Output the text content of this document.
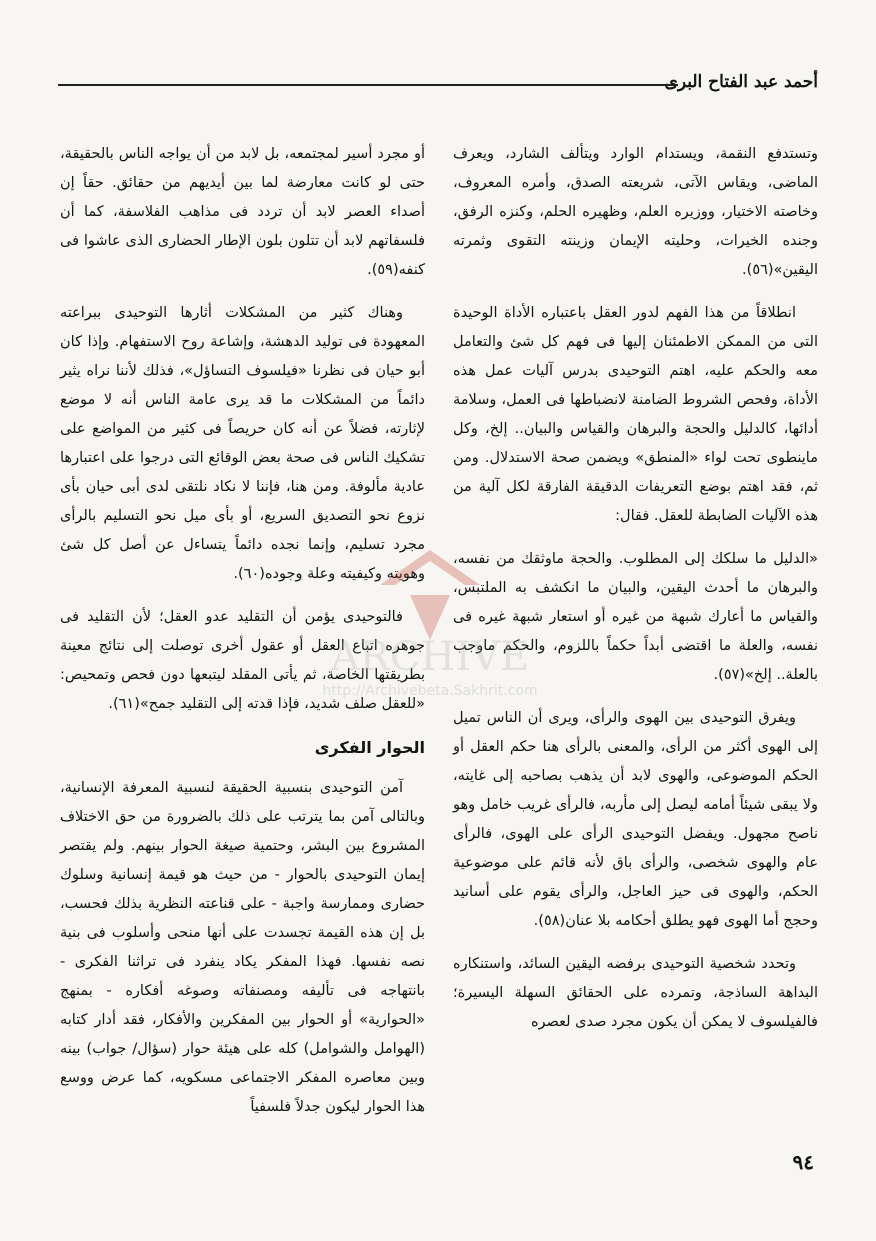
أحمد عبد الفتاح البرى

وتستدفع النقمة، ويستدام الوارد ويتألف الشارد، ويعرف الماضى، ويقاس الآتى، شريعته الصدق، وأمره المعروف، وخاصته الاختيار، ووزيره العلم، وظهيره الحلم، وكنزه الرفق، وجنده الخيرات، وحليته الإيمان وزينته التقوى وثمرته اليقين»(٥٦).

انطلاقاً من هذا الفهم لدور العقل باعتباره الأداة الوحيدة التى من الممكن الاطمئنان إليها فى فهم كل شئ والتعامل معه والحكم عليه، اهتم التوحيدى بدرس آليات عمل هذه الأداة، وفحص الشروط الضامنة لانضباطها فى العمل، وسلامة أدائها، كالدليل والحجة والبرهان والقياس والبيان.. إلخ، وكل ماينطوى تحت لواء «المنطق» ويضمن صحة الاستدلال. ومن ثم، فقد اهتم بوضع التعريفات الدقيقة الفارقة لكل آلية من هذه الآليات الضابطة للعقل. فقال:

«الدليل ما سلكك إلى المطلوب. والحجة ماوثقك من نفسه، والبرهان ما أحدث اليقين، والبيان ما انكشف به الملتبس، والقياس ما أعارك شبهة من غيره أو استعار شبهة غيره فى نفسه، والعلة ما اقتضى أبداً حكماً باللزوم، والحكم ماوجب بالعلة.. إلخ»(٥٧).

ويفرق التوحيدى بين الهوى والرأى، ويرى أن الناس تميل إلى الهوى أكثر من الرأى، والمعنى بالرأى هنا حكم العقل أو الحكم الموضوعى، والهوى لابد أن يذهب بصاحبه إلى غايته، ولا يبقى شيئاً أمامه ليصل إلى مأربه، فالرأى غريب خامل وهو ناصح مجهول. ويفضل التوحيدى الرأى على الهوى، فالرأى عام والهوى شخصى، والرأى باق لأنه قائم على موضوعية الحكم، والهوى فى حيز العاجل، والرأى يقوم على أسانيد وحجج أما الهوى فهو يطلق أحكامه بلا عنان(٥٨).

وتحدد شخصية التوحيدى برفضه اليقين السائد، واستنكاره البداهة الساذجة، وتمرده على الحقائق السهلة اليسيرة؛ فالفيلسوف لا يمكن أن يكون مجرد صدى لعصره

أو مجرد أسير لمجتمعه، بل لابد من أن يواجه الناس بالحقيقة، حتى لو كانت معارضة لما بين أيديهم من حقائق. حقاً إن أصداء العصر لابد أن تردد فى مذاهب الفلاسفة، كما أن فلسفاتهم لابد أن تتلون بلون الإطار الحضارى الذى عاشوا فى كنفه(٥٩).

وهناك كثير من المشكلات أثارها التوحيدى ببراعته المعهودة فى توليد الدهشة، وإشاعة روح الاستفهام. وإذا كان أبو حيان فى نظرنا «فيلسوف التساؤل»، فذلك لأننا نراه يثير دائماً من المشكلات ما قد يرى عامة الناس أنه لا موضع لإثارته، فضلاً عن أنه كان حريصاً فى كثير من المواضع على تشكيك الناس فى صحة بعض الوقائع التى درجوا على اعتبارها عادية مألوفة. ومن هنا، فإننا لا نكاد نلتقى لدى أبى حيان بأى نزوع نحو التصديق السريع، أو بأى ميل نحو التسليم بالرأى مجرد تسليم، وإنما نجده دائماً يتساءل عن أصل كل شئ وهويته وكيفيته وعلة وجوده(٦٠).

فالتوحيدى يؤمن أن التقليد عدو العقل؛ لأن التقليد فى جوهره اتباع العقل أو عقول أخرى توصلت إلى نتائج معينة بطريقتها الخاصة، ثم يأتى المقلد ليتبعها دون فحص وتمحيص: «للعقل صلف شديد، فإذا قدته إلى التقليد جمح»(٦١).

الحوار الفكرى

آمن التوحيدى بنسبية الحقيقة لنسبية المعرفة الإنسانية، وبالتالى آمن بما يترتب على ذلك بالضرورة من حق الاختلاف المشروع بين البشر، وحتمية صيغة الحوار بينهم. ولم يقتصر إيمان التوحيدى بالحوار - من حيث هو قيمة إنسانية وسلوك حضارى وممارسة واجبة - على قناعته النظرية بذلك فحسب، بل إن هذه القيمة تجسدت على أنها منحى وأسلوب فى بنية نصه نفسها. فهذا المفكر يكاد ينفرد فى تراثنا الفكرى - بانتهاجه فى تأليفه ومصنفاته وصوغه أفكاره - بمنهج «الحوارية» أو الحوار بين المفكرين والأفكار، فقد أدار كتابه (الهوامل والشوامل) كله على هيئة حوار (سؤال/ جواب) بينه وبين معاصره المفكر الاجتماعى مسكويه، كما عرض ووسع هذا الحوار ليكون جدلاً فلسفياً

٩٤
ARCHIVE
http://Archivebeta.Sakhrit.com
